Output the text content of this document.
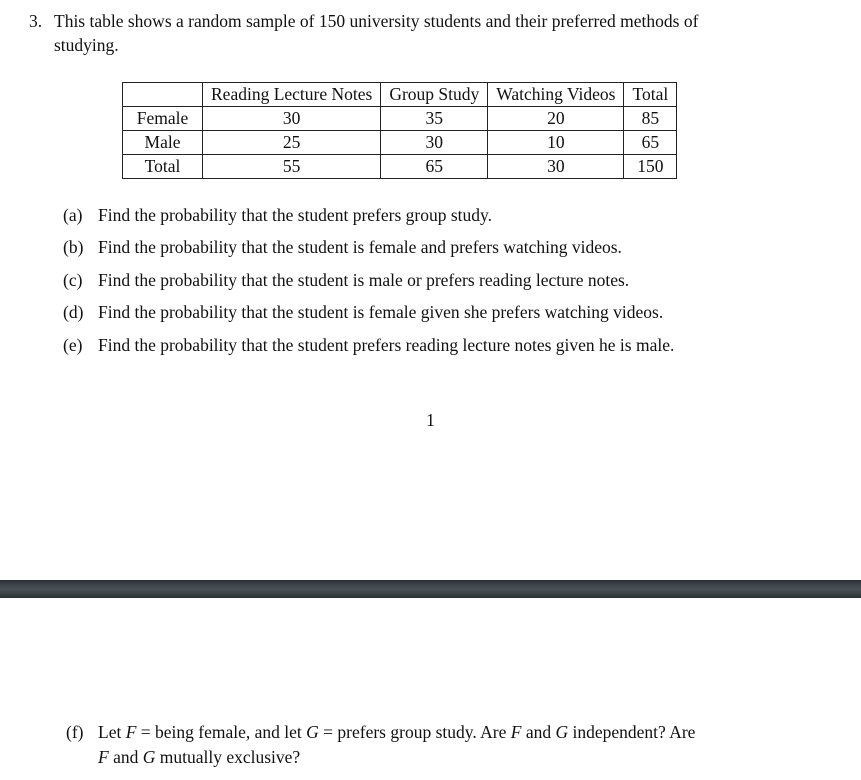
3. This table shows a random sample of 150 university students and their preferred methods of
studying.
	Reading Lecture Notes	Group Study	Watching Videos	Total
Female	30	35	20	85
Male	25	30	10	65
Total	55	65	30	150
(a) Find the probability that the student prefers group study.
(b) Find the probability that the student is female and prefers watching videos.
(c) Find the probability that the student is male or prefers reading lecture notes.
(d) Find the probability that the student is female given she prefers watching videos.
(e) Find the probability that the student prefers reading lecture notes given he is male.
1
(f) Let F = being female, and let G = prefers group study. Are F and G independent? Are
F and G mutually exclusive?
